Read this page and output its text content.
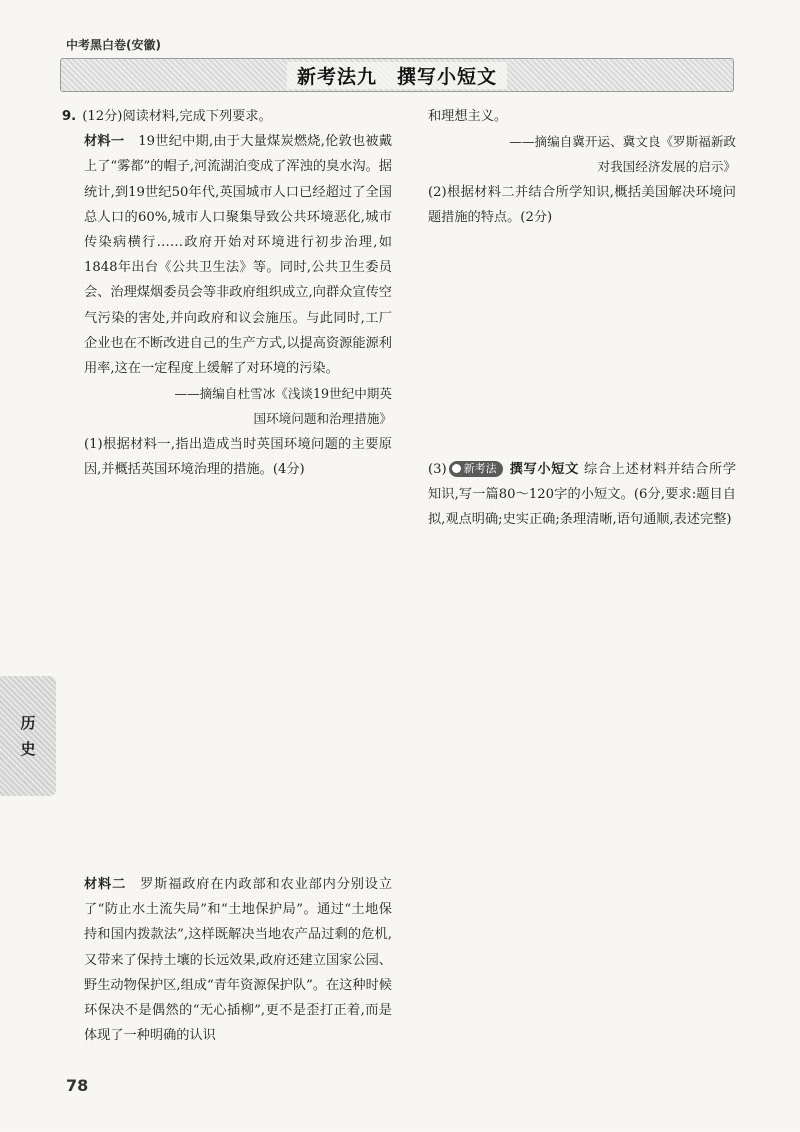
中考黑白卷(安徽)
新考法九　撰写小短文

9. (12分)阅读材料,完成下列要求。

材料一 19世纪中期,由于大量煤炭燃烧,伦敦也被戴上了“雾都”的帽子,河流湖泊变成了浑浊的臭水沟。据统计,到19世纪50年代,英国城市人口已经超过了全国总人口的60%,城市人口聚集导致公共环境恶化,城市传染病横行……政府开始对环境进行初步治理,如1848年出台《公共卫生法》等。同时,公共卫生委员会、治理煤烟委员会等非政府组织成立,向群众宣传空气污染的害处,并向政府和议会施压。与此同时,工厂企业也在不断改进自己的生产方式,以提高资源能源利用率,这在一定程度上缓解了对环境的污染。

——摘编自杜雪冰《浅谈19世纪中期英

国环境问题和治理措施》

(1)根据材料一,指出造成当时英国环境问题的主要原因,并概括英国环境治理的措施。(4分)

材料二 罗斯福政府在内政部和农业部内分别设立了“防止水土流失局”和“土地保护局”。通过“土地保持和国内拨款法”,这样既解决当地农产品过剩的危机,又带来了保持土壤的长远效果,政府还建立国家公园、野生动物保护区,组成“青年资源保护队”。在这种时候环保决不是偶然的“无心插柳”,更不是歪打正着,而是体现了一种明确的认识

和理想主义。

——摘编自冀开运、冀文良《罗斯福新政

对我国经济发展的启示》

(2)根据材料二并结合所学知识,概括美国解决环境问题措施的特点。(2分)

(3) 新考法 撰写小短文 综合上述材料并结合所学知识,写一篇80～120字的小短文。(6分,要求:题目自拟,观点明确;史实正确;条理清晰,语句通顺,表述完整)

历
史
78
